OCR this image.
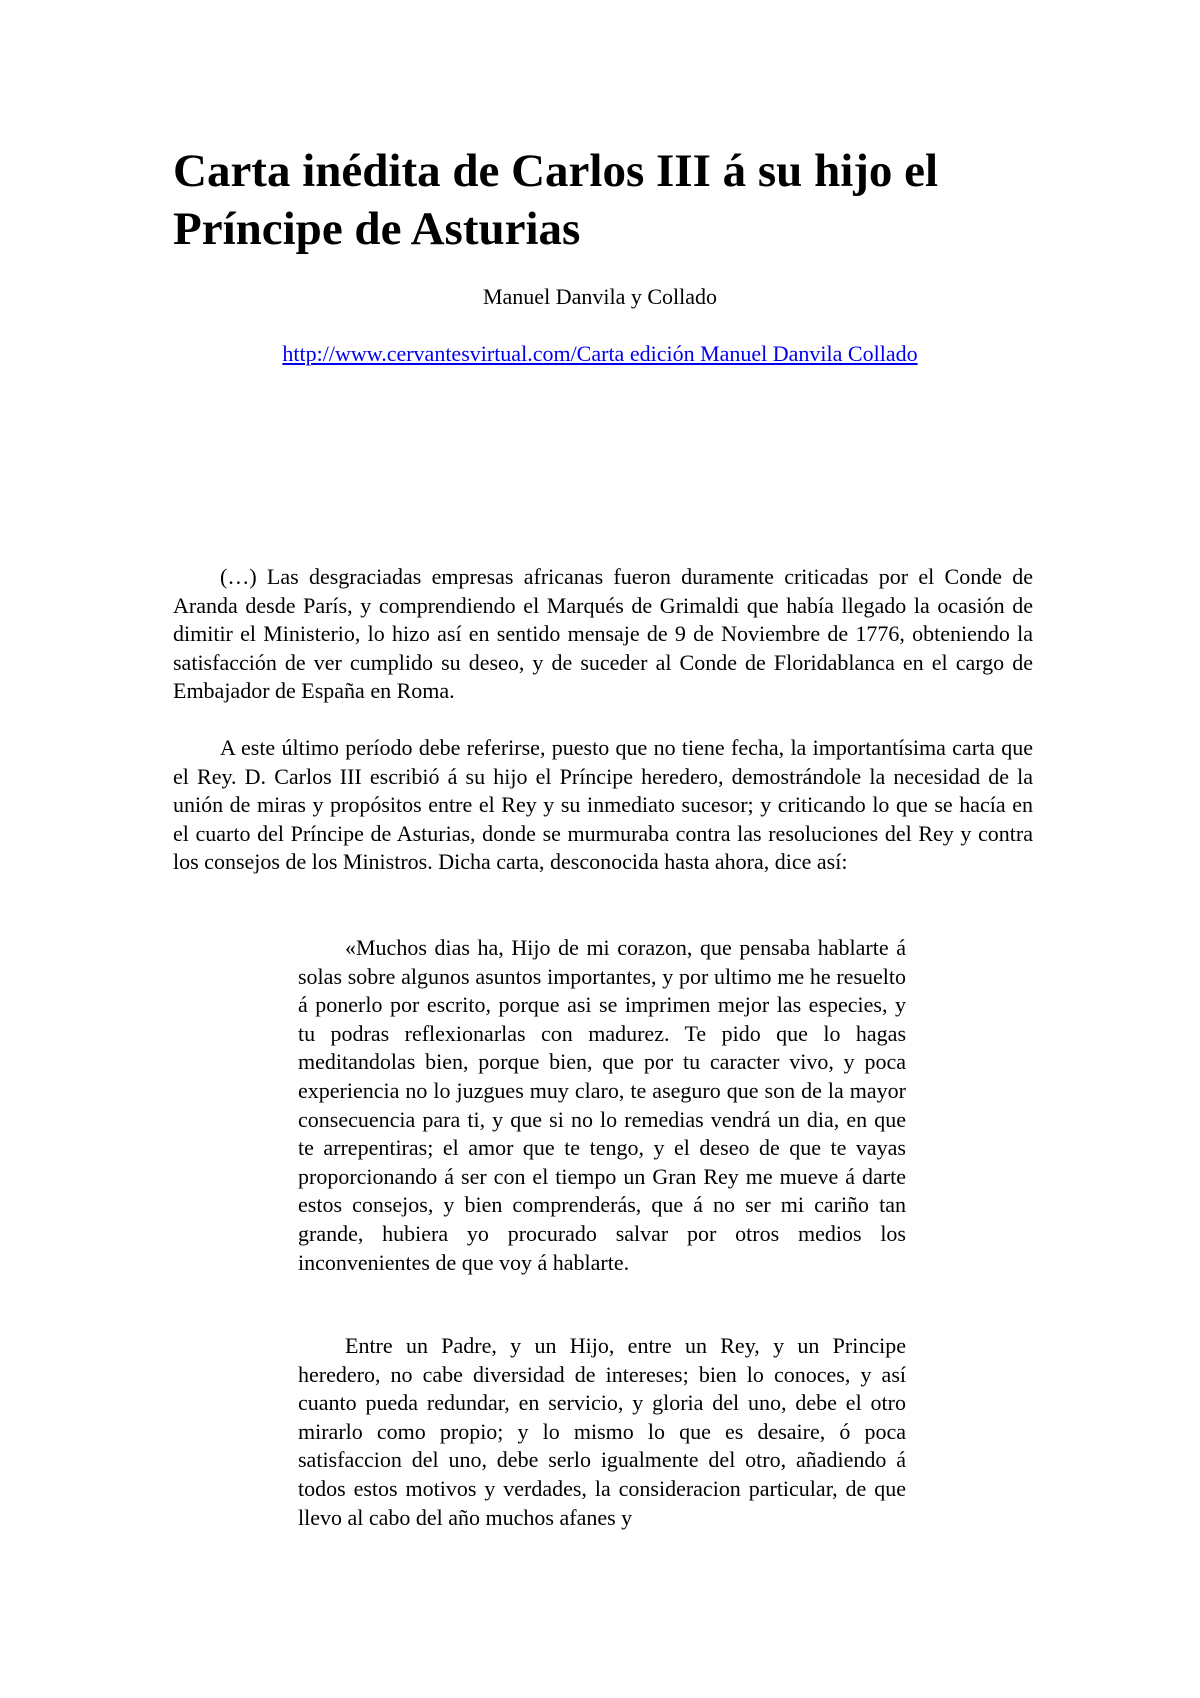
Carta inédita de Carlos III á su hijo el Príncipe de Asturias
Manuel Danvila y Collado
http://www.cervantesvirtual.com/Carta edición Manuel Danvila Collado

(…) Las desgraciadas empresas africanas fueron duramente criticadas por el Conde de Aranda desde París, y comprendiendo el Marqués de Grimaldi que había llegado la ocasión de dimitir el Ministerio, lo hizo así en sentido mensaje de 9 de Noviembre de 1776, obteniendo la satisfacción de ver cumplido su deseo, y de suceder al Conde de Floridablanca en el cargo de Embajador de España en Roma.

A este último período debe referirse, puesto que no tiene fecha, la importantísima carta que el Rey. D. Carlos III escribió á su hijo el Príncipe heredero, demostrándole la necesidad de la unión de miras y propósitos entre el Rey y su inmediato sucesor; y criticando lo que se hacía en el cuarto del Príncipe de Asturias, donde se murmuraba contra las resoluciones del Rey y contra los consejos de los Ministros. Dicha carta, desconocida hasta ahora, dice así:

«Muchos dias ha, Hijo de mi corazon, que pensaba hablarte á solas sobre algunos asuntos importantes, y por ultimo me he resuelto á ponerlo por escrito, porque asi se imprimen mejor las especies, y tu podras reflexionarlas con madurez. Te pido que lo hagas meditandolas bien, porque bien, que por tu caracter vivo, y poca experiencia no lo juzgues muy claro, te aseguro que son de la mayor consecuencia para ti, y que si no lo remedias vendrá un dia, en que te arrepentiras; el amor que te tengo, y el deseo de que te vayas proporcionando á ser con el tiempo un Gran Rey me mueve á darte estos consejos, y bien comprenderás, que á no ser mi cariño tan grande, hubiera yo procurado salvar por otros medios los inconvenientes de que voy á hablarte.

Entre un Padre, y un Hijo, entre un Rey, y un Principe heredero, no cabe diversidad de intereses; bien lo conoces, y así cuanto pueda redundar, en servicio, y gloria del uno, debe el otro mirarlo como propio; y lo mismo lo que es desaire, ó poca satisfaccion del uno, debe serlo igualmente del otro, añadiendo á todos estos motivos y verdades, la consideracion particular, de que llevo al cabo del año muchos afanes y
